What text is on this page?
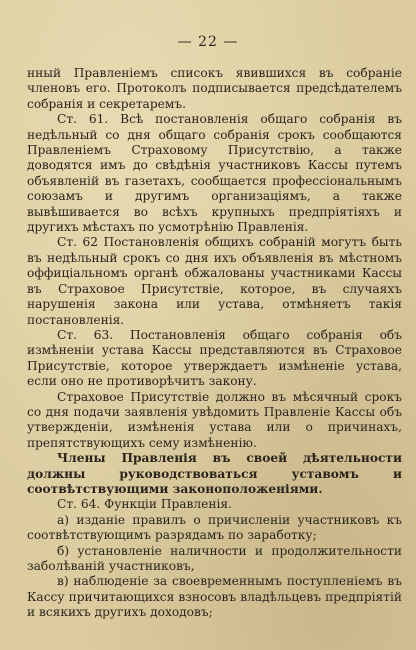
— 22 —

нный Правленіемъ списокъ явившихся въ собраніе членовъ его. Протоколъ подписывается предсѣдателемъ собранія и секретаремъ.

Ст. 61. Всѣ постановленія общаго собранія въ недѣльный со дня общаго собранія срокъ сообщаются Правленіемъ Страховому Присутствію, а также доводятся имъ до свѣдѣнія участниковъ Кассы путемъ объявленій въ газетахъ, сообщается профессіональнымъ союзамъ и другимъ организаціямъ, а также вывѣшивается во всѣхъ крупныхъ предпріятіяхъ и другихъ мѣстахъ по усмотрѣнію Правленія.

Ст. 62 Постановленія общихъ собраній могутъ быть въ недѣльный срокъ со дня ихъ объявленія въ мѣстномъ оффиціальномъ органѣ обжалованы участниками Кассы въ Страховое Присутствіе, которое, въ случаяхъ нарушенія закона или устава, отмѣняетъ такія постановленія.

Ст. 63. Постановленія общаго собранія объ измѣненіи устава Кассы представляются въ Страховое Присутствіе, которое утверждаетъ измѣненіе устава, если оно не противорѣчитъ закону.

Страховое Присутствіе должно въ мѣсячный срокъ со дня подачи заявленія увѣдомить Правленіе Кассы объ утвержденіи, измѣненія устава или о причинахъ, препятствующихъ сему измѣненію.

Члены Правленія въ своей дѣятельности должны руководствоваться уставомъ и соотвѣтствующими законоположеніями.

Ст. 64. Функціи Правленія.

а) изданіе правилъ о причисленіи участниковъ къ соотвѣтствующимъ разрядамъ по заработку;
б) установленіе наличности и продолжительности заболѣваній участниковъ,
в) наблюденіе за своевременнымъ поступленіемъ въ Кассу причитающихся взносовъ владѣльцевъ предпріятій и всякихъ другихъ доходовъ;
